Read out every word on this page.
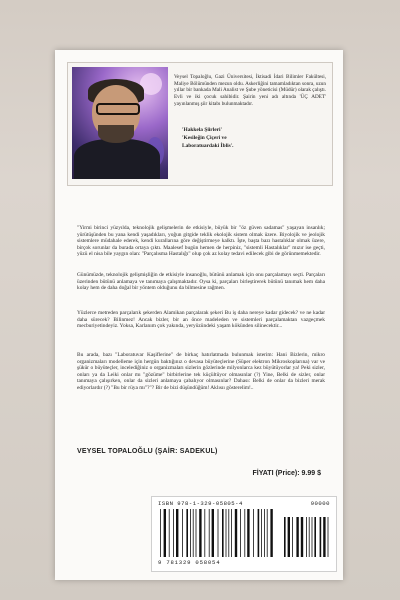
Veysel Topaloğlu, Gazi Üniversitesi, İktisadi İdari Bilimler Fakültesi, Maliye Bölümünden mezun oldu. Askerliğini tamamladıktan sonra, uzun yıllar bir bankada Mali Analist ve Şube yöneticisi (Müdür) olarak çalıştı. Evli ve iki çocuk sahibidir. Şairin yeni adı altında 'ÜÇ ADET' yayınlanmış şiir kitabı bulunmaktadır.

'Hakkela Şiirleri'
'Kesileğin Çiçeri ve
Laboratuardaki İblis'.

"Yirmi birinci yüzyılda, teknolojik gelişmelerin de etkisiyle, büyük bir "öz güven sadamas" yaşayan insanlık; yürütüşünden bu yana kendi yaşadıkları, yoğun gitgide teklik ekolojik sistem olmak üzere. Biyolojik ve jeolojik sistemlere müdahale ederek, kendi kurallarına göre değiştirmeye kalktı. İşte, başta bazı hastalıklar olmak üzere, birçok sorunlar da burada ortaya çıktı. Maalesef bugün hemen de herpiniz, "sistemli Hastalıklar" mızır ise geçti, yüzü el nisa bile yaygın olan: "Parçalısma Hastalığı" olup çok az kolay tedavi edilecek gibi de görünmemektedir.

Günümüzde, teknolojik gelişmişliğin de etkisiyle insanoğlu, bütünü anlamak için onu parçalamayı seçti. Parçaları üzerinden bütünü anlamaya ve tanımaya çalışmaktadır. Oysa ki, parçaları birleştirerek bütünü tanımak hem daha kolay hem de daha doğal bir yöntem olduğunu da bilmesine rağmen.

Yüzlerce metreden parçalarık şekerden Alamikan parçalarak şekeri Bu iş daha nereye kadar gidecek? ve ne kadar daha sürecek? Bilinmez! Ancak bizler, bir an önce madeleden ve sistemleri parçalamaktan vazgeçmek mecburiyetindeyiz. Yoksa, Karlanım çok yakında, yeryüzündeki yaşam kökünden silinecektir...

Bu arada, bazı "Laboratuvar Kaşiflerine" de birkaç hatırlatmada bulunmak isterim: Hani Bizlerin, mikro organizmaları modelleme için hergün baktığınız o devasa büyüteçlerine (Süper elektron Mikroskoplarına) var ve şükür o büyüteçler, incelediğiniz o organizmaları sizlerin gözlerinde milyonlarca kez büyütüyorlar ya! Peki sizler, onları ya da Leiki onlar mı "gözüme" birbirlerine tek küçültüyor olmasınlar (?) Yine, Belki de sizler, onlar tanımaya çalışırken, onlar da sizleri anlamaya çabalıyor olmasınlar? Dahası: Belki de onlar da bizleri merak ediyorlardır (?) "Bu bir rüya mı"?"? Bir de bizi düşündüğüm! Aklısıı gösterelim!..

VEYSEL TOPALOĞLU (ŞAİR: SADEKUL)
FİYATI (Price): 9.99 $
ISBN 978-1-329-05805-4	90000
9 781329 058054
